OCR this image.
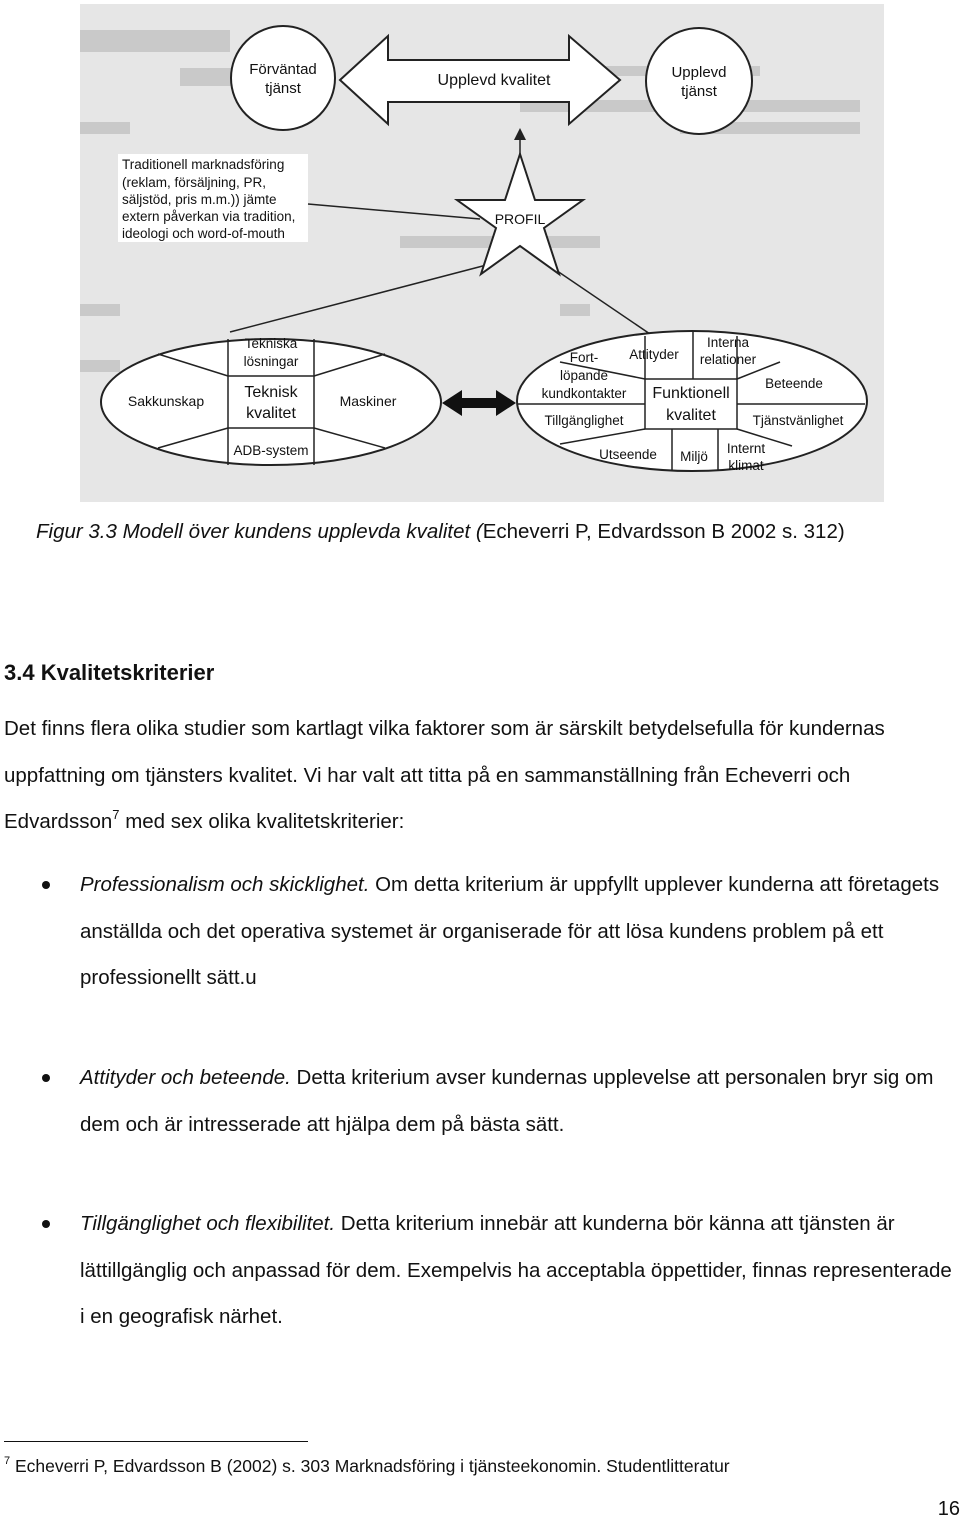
Förväntad
tjänst
Upplevd
tjänst
Upplevd kvalitet
Traditionell marknadsföring (reklam, försäljning, PR, säljstöd, pris m.m.)) jämte extern påverkan via tradition, ideologi och word-of-mouth
PROFIL
Tekniska
lösningar
Teknisk
kvalitet
Sakkunskap	Maskiner
ADB-system
Attityder
Interna
relationer
Fort-
löpande
kundkontakter
Beteende
Funktionell
kvalitet
Tillgänglighet	Tjänstvänlighet
Utseende Miljö
Internt
klimat
Figur 3.3 Modell över kundens upplevda kvalitet (Echeverri P, Edvardsson B 2002 s. 312)
3.4 Kvalitetskriterier
Det finns flera olika studier som kartlagt vilka faktorer som är särskilt betydelsefulla för kundernas uppfattning om tjänsters kvalitet. Vi har valt att titta på en sammanställning från Echeverri och Edvardsson$^7$ med sex olika kvalitetskriterier:
Professionalism och skicklighet. Om detta kriterium är uppfyllt upplever kunderna att företagets anställda och det operativa systemet är organiserade för att lösa kundens problem på ett professionellt sätt.u
Attityder och beteende. Detta kriterium avser kundernas upplevelse att personalen bryr sig om dem och är intresserade att hjälpa dem på bästa sätt.
Tillgänglighet och flexibilitet. Detta kriterium innebär att kunderna bör känna att tjänsten är lättillgänglig och anpassad för dem. Exempelvis ha acceptabla öppettider, finnas representerade i en geografisk närhet.
$^7$ Echeverri P, Edvardsson B (2002) s. 303 Marknadsföring i tjänsteekonomin. Studentlitteratur
16
